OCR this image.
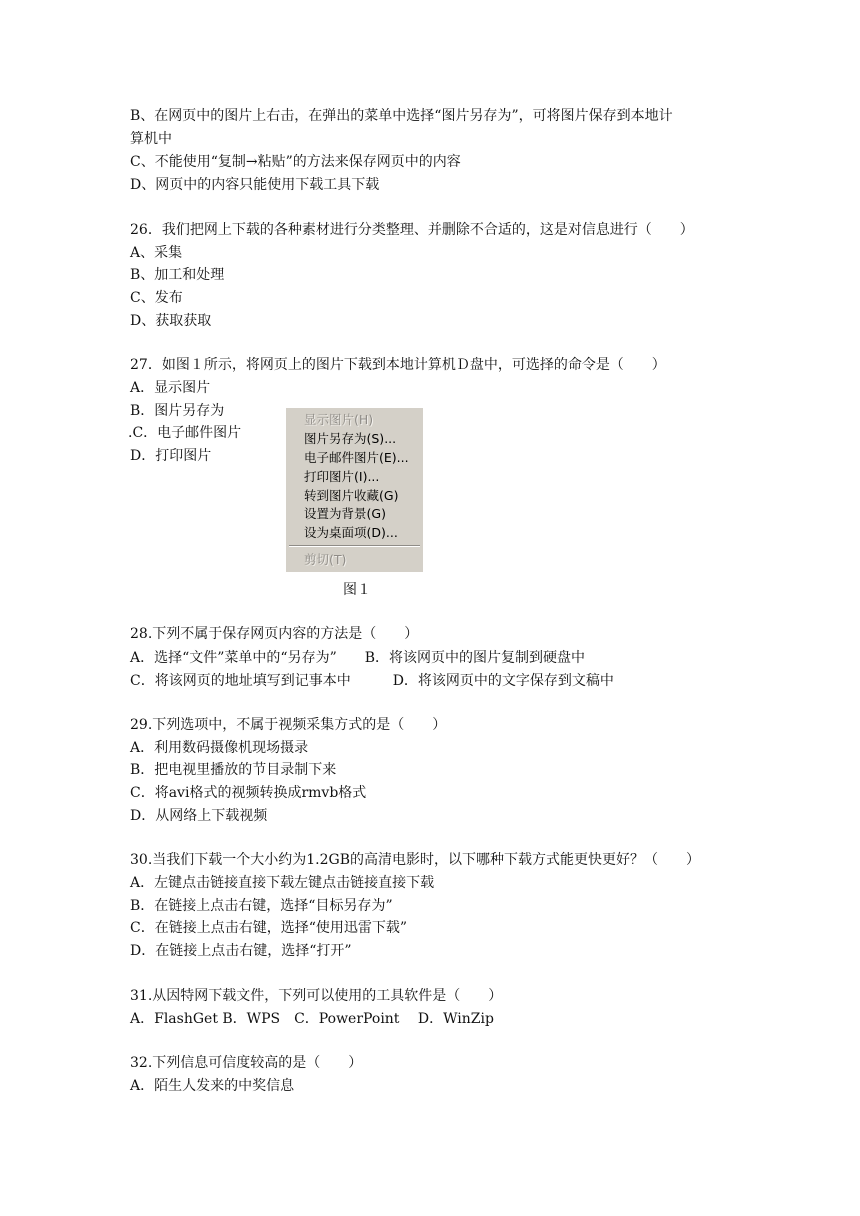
B、在网页中的图片上右击，在弹出的菜单中选择“图片另存为”，可将图片保存到本地计
算机中
C、不能使用“复制→粘贴”的方法来保存网页中的内容
D、网页中的内容只能使用下载工具下载
26．我们把网上下载的各种素材进行分类整理、并删除不合适的，这是对信息进行（　　）
A、采集
B、加工和处理
C、发布
D、获取获取
27．如图１所示，将网页上的图片下载到本地计算机Ｄ盘中，可选择的命令是（　　）
A．显示图片
B．图片另存为
.C．电子邮件图片
D．打印图片
显示图片(H)
图片另存为(S)...
电子邮件图片(E)...
打印图片(I)...
转到图片收藏(G)
设置为背景(G)
设为桌面项(D)...
剪切(T)
图１
28.下列不属于保存网页内容的方法是（　　）
A．选择“文件”菜单中的“另存为”　　B．将该网页中的图片复制到硬盘中
C．将该网页的地址填写到记事本中　　　D．将该网页中的文字保存到文稿中
29.下列选项中，不属于视频采集方式的是（　　）
A．利用数码摄像机现场摄录
B．把电视里播放的节目录制下来
C．将avi格式的视频转换成rmvb格式
D．从网络上下载视频
30.当我们下载一个大小约为1.2GB的高清电影时，以下哪种下载方式能更快更好？（　　）
A．左键点击链接直接下载左键点击链接直接下载
B．在链接上点击右键，选择“目标另存为”
C．在链接上点击右键，选择“使用迅雷下载”
D．在链接上点击右键，选择“打开”
31.从因特网下载文件，下列可以使用的工具软件是（　　）
A．FlashGet B．WPS　C．PowerPoint　 D．WinZip
32.下列信息可信度较高的是（　　）
A．陌生人发来的中奖信息
